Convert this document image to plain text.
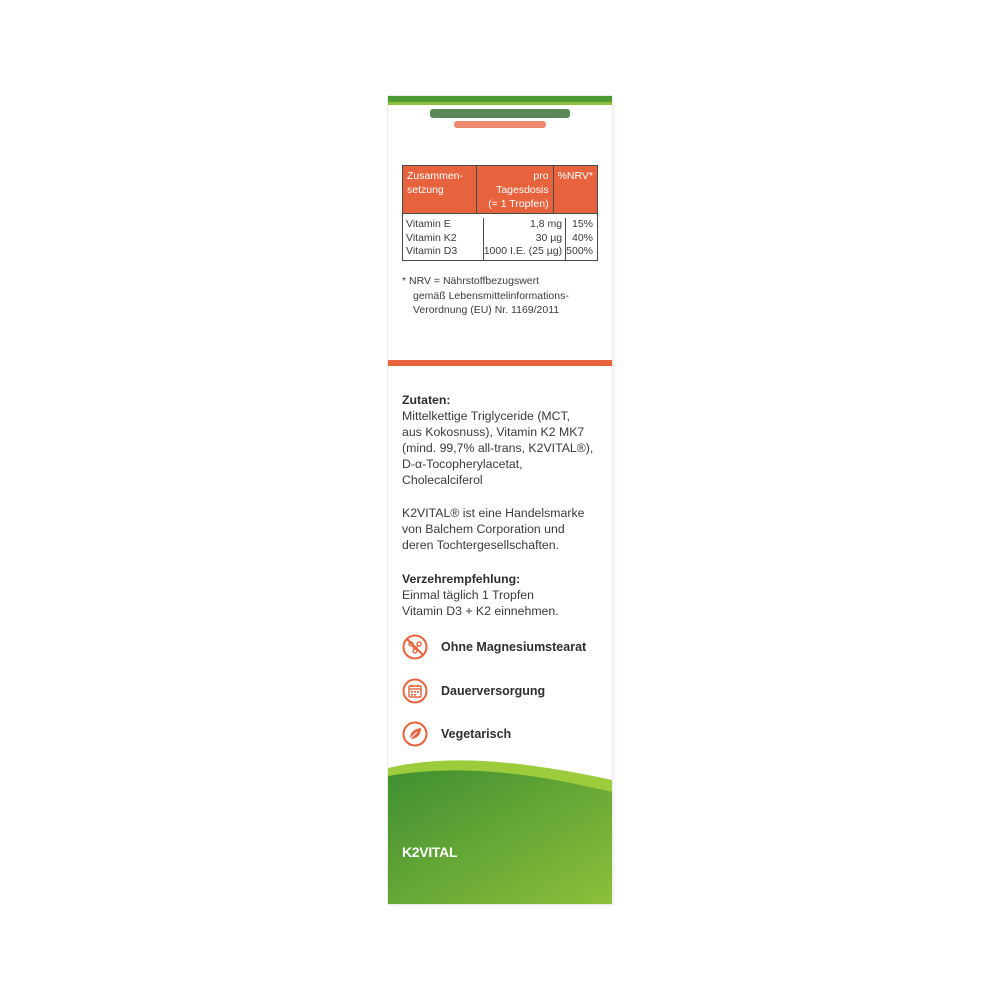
Zusammen-
setzung
pro
Tagesdosis
(= 1 Tropfen)
%NRV*
Vitamin E
Vitamin K2
Vitamin D3
1,8 mg
30 µg
1000 I.E. (25 µg)
15%
40%
500%
* NRV = Nährstoffbezugswert
gemäß Lebensmittelinformations-
Verordnung (EU) Nr. 1169/2011
Zutaten:
Mittelkettige Triglyceride (MCT,
aus Kokosnuss), Vitamin K2 MK7
(mind. 99,7% all-trans, K2VITAL®),
D-α-Tocopherylacetat,
Cholecalciferol
K2VITAL® ist eine Handelsmarke
von Balchem Corporation und
deren Tochtergesellschaften.
Verzehrempfehlung:
Einmal täglich 1 Tropfen
Vitamin D3 + K2 einnehmen.
Ohne Magnesiumstearat
Dauerversorgung
Vegetarisch
K2VITAL
